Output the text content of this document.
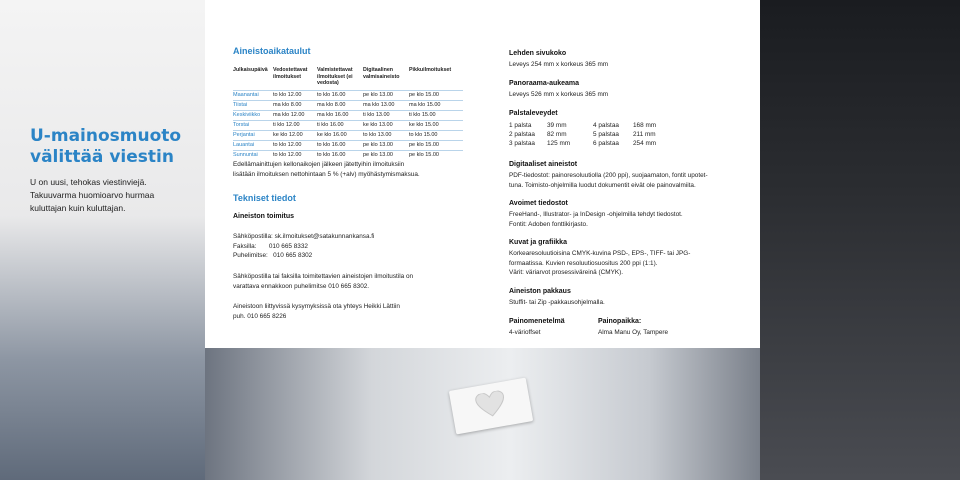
U-mainosmuoto
välittää viestin

U on uusi, tehokas viestinviejä.

Takuuvarma huomioarvo hurmaa

kuluttajan kuin kuluttajan.

Aineistoaikataulut
Julkaisupäivä	Vedostettavat ilmoitukset	Valmistettavat ilmoitukset (ei vedosta)	Digitaalinen valmisaineisto	Pikkuilmoitukset
Maanantai	to klo 12.00	to klo 16.00	pe klo 13.00	pe klo 15.00
Tiistai	ma klo 8.00	ma klo 8.00	ma klo 13.00	ma klo 15.00
Keskiviikko	ma klo 12.00	ma klo 16.00	ti klo 13.00	ti klo 15.00
Torstai	ti klo 12.00	ti klo 16.00	ke klo 13.00	ke klo 15.00
Perjantai	ke klo 12.00	ke klo 16.00	to klo 13.00	to klo 15.00
Lauantai	to klo 12.00	to klo 16.00	pe klo 13.00	pe klo 15.00
Sunnuntai	to klo 12.00	to klo 16.00	pe klo 13.00	pe klo 15.00
Edellämainittujen kellonaikojen jälkeen jätettyihin ilmoituksiin
lisätään ilmoituksen nettohintaan 5 % (+alv) myöhästymismaksua.
Tekniset tiedot
Aineiston toimitus
Sähköpostilla: sk.ilmoitukset@satakunnankansa.fi
Faksilla:       010 665 8332
Puhelimitse:   010 665 8302
Sähköpostilla tai faksilla toimitettavien aineistojen ilmoitustila on
varattava ennakkoon puhelimitse 010 665 8302.
Aineistoon liittyvissä kysymyksissä ota yhteys Heikki Lättiin
puh. 010 665 8226
Lehden sivukoko
Leveys 254 mm x korkeus 365 mm
Panoraama-aukeama
Leveys 526 mm x korkeus 365 mm
Palstaleveydet
1 palsta	39 mm	4 palstaa	168 mm
2 palstaa	82 mm	5 palstaa	211 mm
3 palstaa	125 mm	6 palstaa	254 mm
Digitaaliset aineistot
PDF-tiedostot: painoresoluutiolla (200 ppi), suojaamaton, fontit upotet-
tuna. Toimisto-ohjelmilla luodut dokumentit eivät ole painovalmiita.
Avoimet tiedostot
FreeHand-, Illustrator- ja InDesign -ohjelmilla tehdyt tiedostot.
Fontit: Adoben fonttikirjasto.
Kuvat ja grafiikka
Korkearesoluutioisina CMYK-kuvina PSD-, EPS-, TIFF- tai JPG-
formaatissa. Kuvien resoluutiosuositus 200 ppi (1:1).
Värit: väriarvot prosessiväreinä (CMYK).
Aineiston pakkaus
Stuffit- tai Zip -pakkausohjelmalla.
Painomenetelmä
4-värioffset
Painopaikka:
Alma Manu Oy, Tampere
